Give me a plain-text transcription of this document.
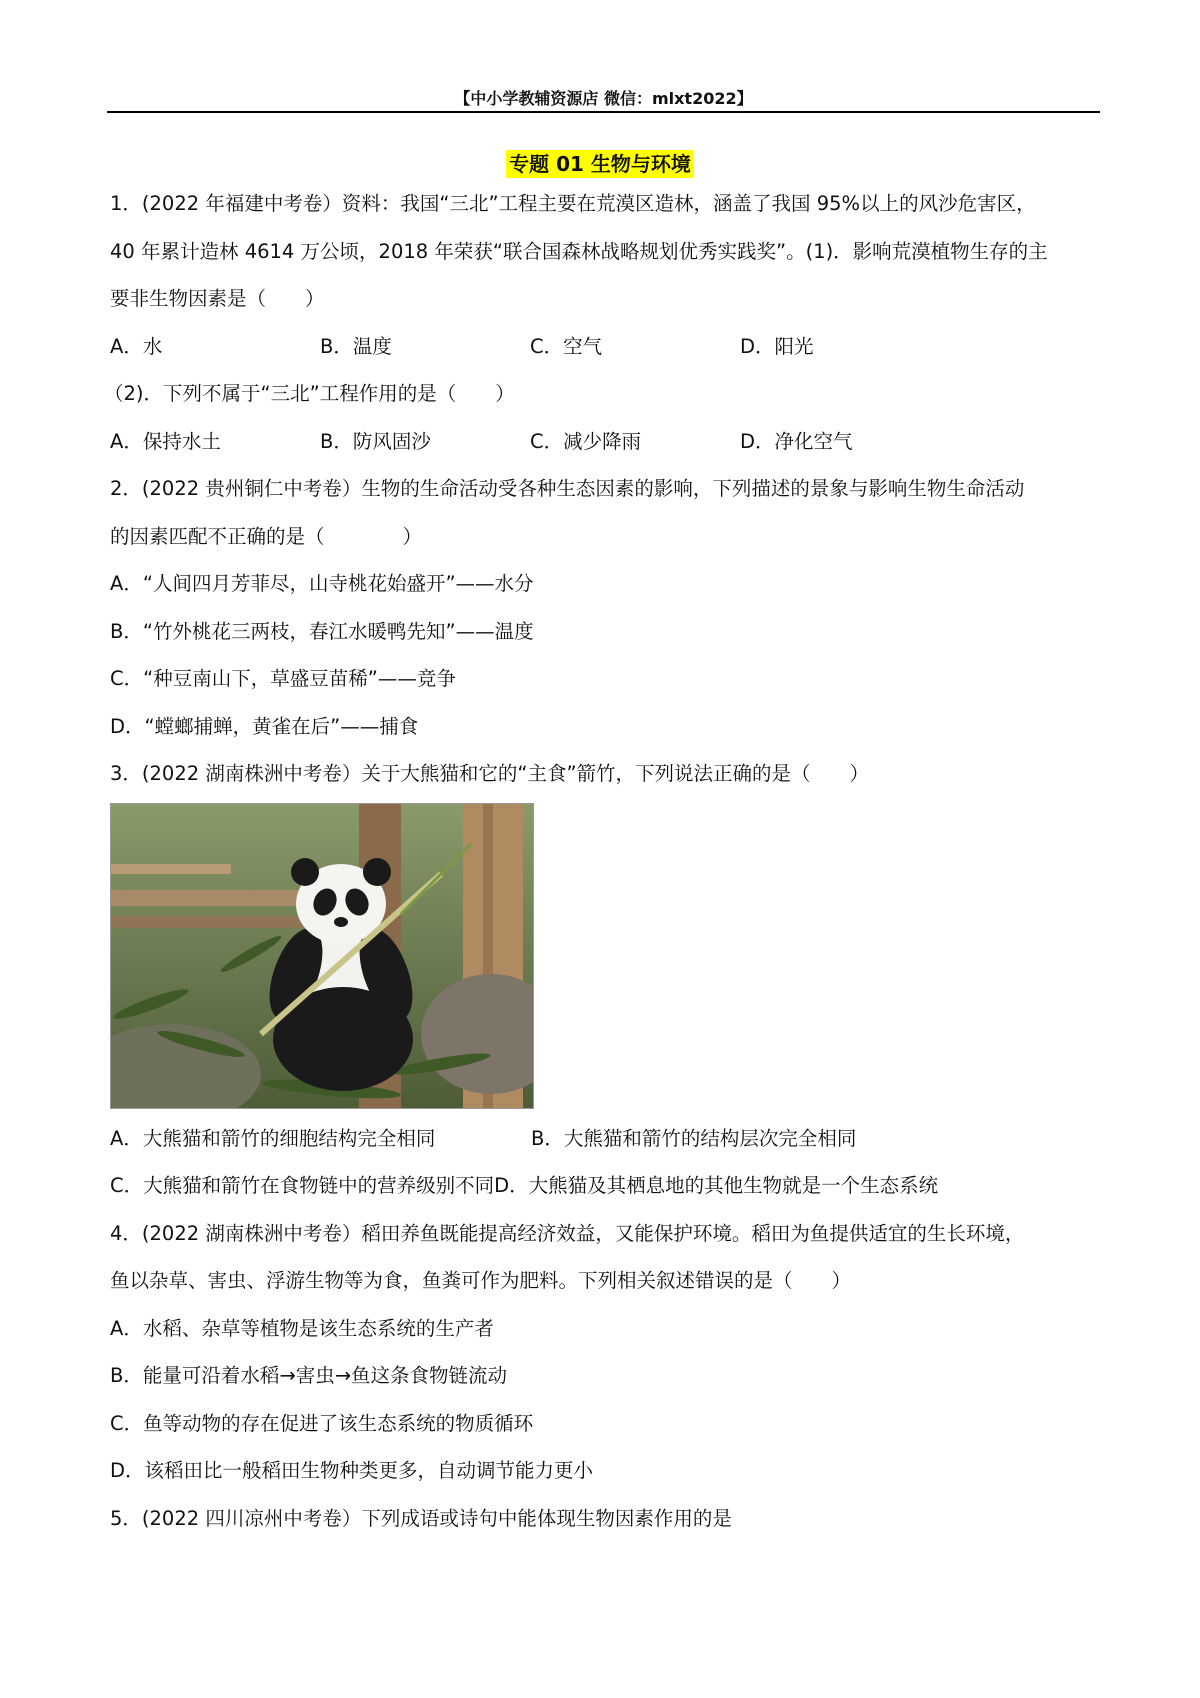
【中小学教辅资源店 微信：mlxt2022】
专题 01 生物与环境
1．(2022 年福建中考卷）资料：我国“三北”工程主要在荒漠区造林，涵盖了我国 95%以上的风沙危害区，
40 年累计造林 4614 万公顷，2018 年荣获“联合国森林战略规划优秀实践奖”。(1)．影响荒漠植物生存的主
要非生物因素是（　　）
A．水	B．温度	C．空气	D．阳光
（2)．下列不属于“三北”工程作用的是（　　）
A．保持水土	B．防风固沙	C．减少降雨	D．净化空气
2．(2022 贵州铜仁中考卷）生物的生命活动受各种生态因素的影响，下列描述的景象与影响生物生命活动
的因素匹配不正确的是（　　　　）
A．“人间四月芳菲尽，山寺桃花始盛开”——水分
B．“竹外桃花三两枝，春江水暖鸭先知”——温度
C．“种豆南山下，草盛豆苗稀”——竞争
D．“螳螂捕蝉，黄雀在后”——捕食
3．(2022 湖南株洲中考卷）关于大熊猫和它的“主食”箭竹，下列说法正确的是（　　）
A．大熊猫和箭竹的细胞结构完全相同	B．大熊猫和箭竹的结构层次完全相同
C．大熊猫和箭竹在食物链中的营养级别不同 D．大熊猫及其栖息地的其他生物就是一个生态系统
4．(2022 湖南株洲中考卷）稻田养鱼既能提高经济效益，又能保护环境。稻田为鱼提供适宜的生长环境，
鱼以杂草、害虫、浮游生物等为食，鱼粪可作为肥料。下列相关叙述错误的是（　　）
A．水稻、杂草等植物是该生态系统的生产者
B．能量可沿着水稻→害虫→鱼这条食物链流动
C．鱼等动物的存在促进了该生态系统的物质循环
D．该稻田比一般稻田生物种类更多，自动调节能力更小
5．(2022 四川凉州中考卷）下列成语或诗句中能体现生物因素作用的是
